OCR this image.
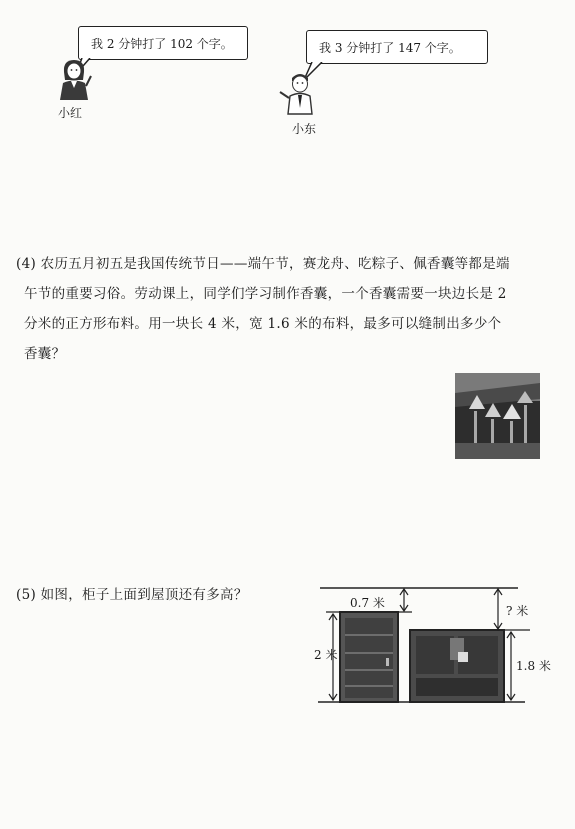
我 2 分钟打了 102 个字。	我 3 分钟打了 147 个字。
小红
小东

(4) 农历五月初五是我国传统节日——端午节，赛龙舟、吃粽子、佩香囊等都是端

午节的重要习俗。劳动课上，同学们学习制作香囊，一个香囊需要一块边长是 2

分米的正方形布料。用一块长 4 米，宽 1.6 米的布料，最多可以缝制出多少个

香囊？

(5) 如图，柜子上面到屋顶还有多高？	0.7 米
2 米
? 米
1.8 米
